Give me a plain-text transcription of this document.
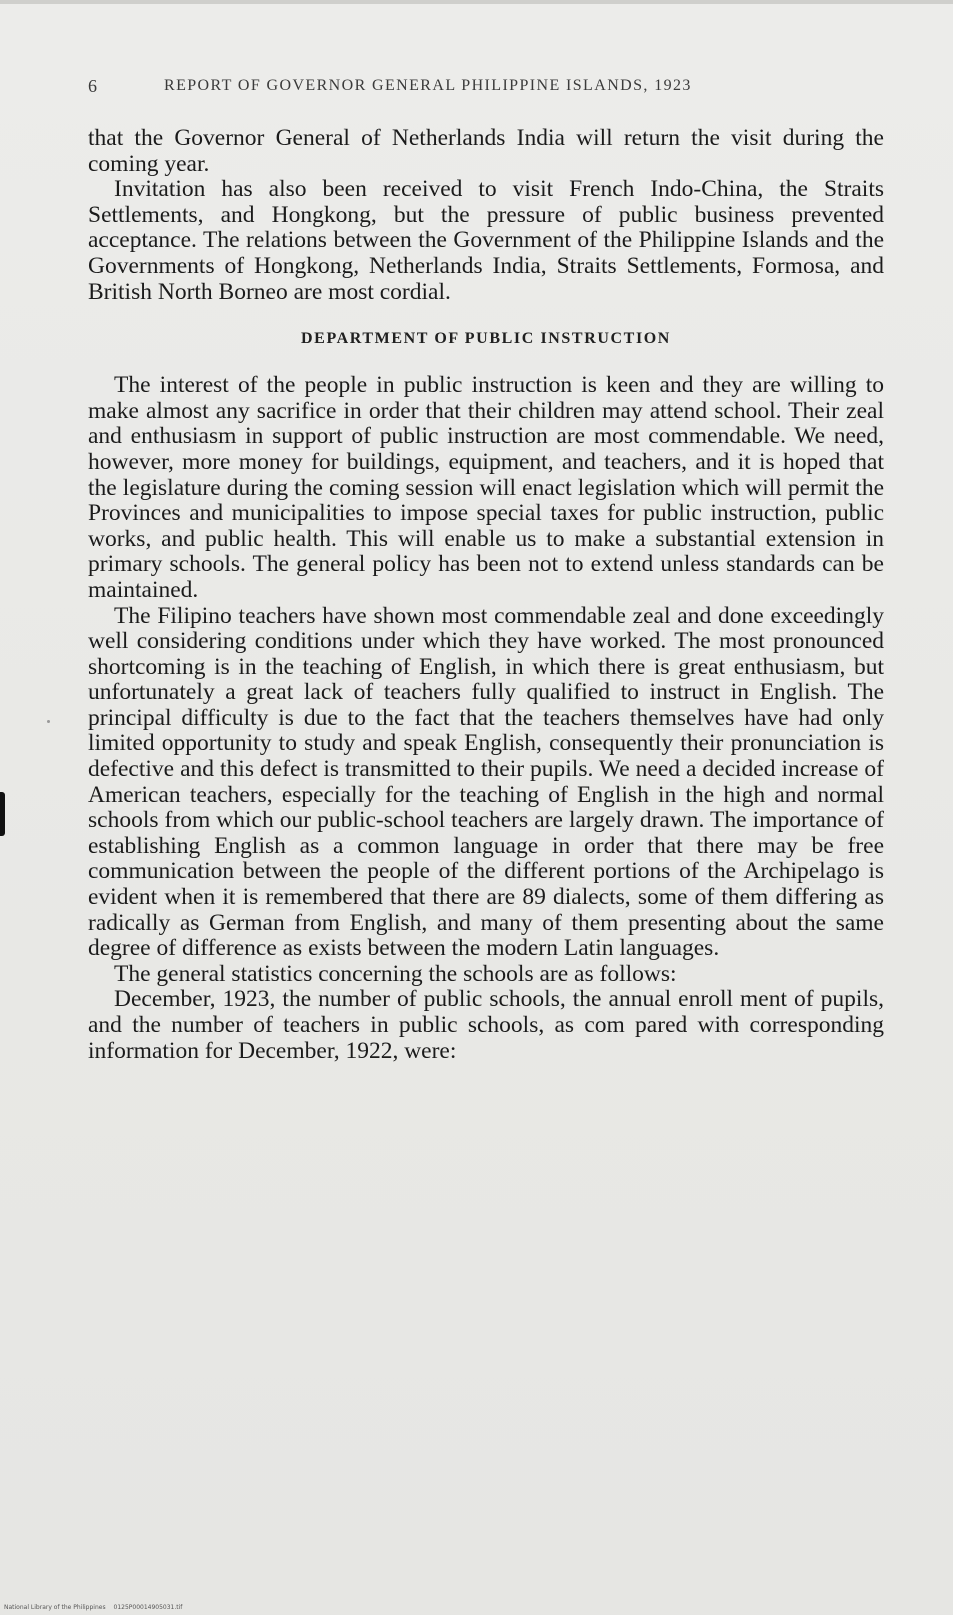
6	REPORT OF GOVERNOR GENERAL PHILIPPINE ISLANDS, 1923

that the Governor General of Netherlands India will return the visit during the coming year.

Invitation has also been received to visit French Indo-China, the Straits Settlements, and Hongkong, but the pressure of public business prevented acceptance. The relations between the Government of the Philippine Islands and the Governments of Hongkong, Netherlands India, Straits Settlements, Formosa, and British North Borneo are most cordial.

DEPARTMENT OF PUBLIC INSTRUCTION

The interest of the people in public instruction is keen and they are willing to make almost any sacrifice in order that their children may attend school. Their zeal and enthusiasm in support of public instruction are most commendable. We need, however, more money for buildings, equipment, and teachers, and it is hoped that the legislature during the coming session will enact legislation which will permit the Provinces and municipalities to impose special taxes for public instruction, public works, and public health. This will enable us to make a substantial extension in primary schools. The general policy has been not to extend unless standards can be maintained.

The Filipino teachers have shown most commendable zeal and done exceedingly well considering conditions under which they have worked. The most pronounced shortcoming is in the teaching of English, in which there is great enthusiasm, but unfortunately a great lack of teachers fully qualified to instruct in English. The principal difficulty is due to the fact that the teachers themselves have had only limited opportunity to study and speak English, consequently their pronunciation is defective and this defect is transmitted to their pupils. We need a decided increase of American teachers, especially for the teaching of English in the high and normal schools from which our public-school teachers are largely drawn. The importance of establishing English as a common language in order that there may be free communication between the people of the different portions of the Archipelago is evident when it is remembered that there are 89 dialects, some of them differing as radically as German from English, and many of them presenting about the same degree of difference as exists between the modern Latin languages.

The general statistics concerning the schools are as follows:

December, 1923, the number of public schools, the annual enroll ment of pupils, and the number of teachers in public schools, as com pared with corresponding information for December, 1922, were:

National Library of the Philippines 0125P00014905031.tif
